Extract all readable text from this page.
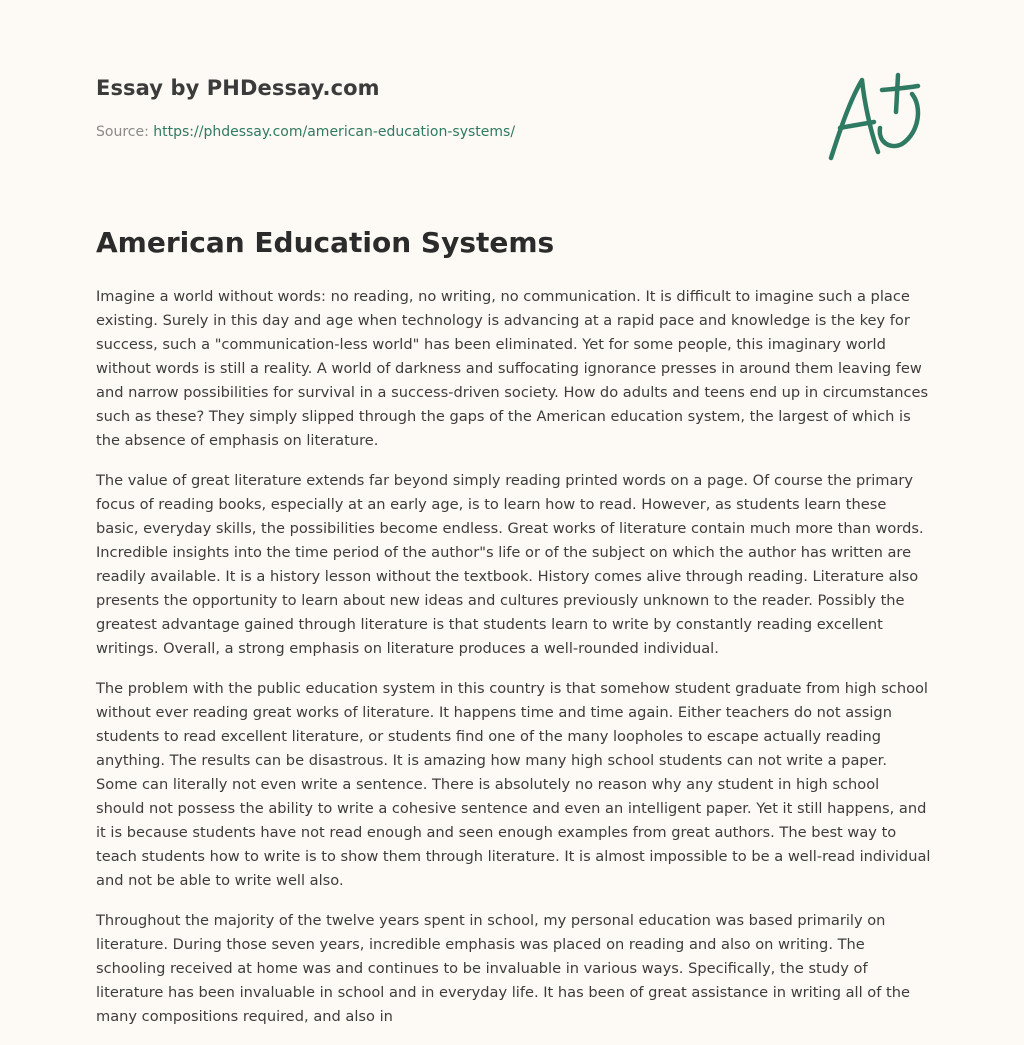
Essay by PHDessay.com

Source: https://phdessay.com/american-education-systems/

American Education Systems

Imagine a world without words: no reading, no writing, no communication. It is difficult to imagine such a place existing. Surely in this day and age when technology is advancing at a rapid pace and knowledge is the key for success, such a "communication-less world" has been eliminated. Yet for some people, this imaginary world without words is still a reality. A world of darkness and suffocating ignorance presses in around them leaving few and narrow possibilities for survival in a success-driven society. How do adults and teens end up in circumstances such as these? They simply slipped through the gaps of the American education system, the largest of which is the absence of emphasis on literature.

The value of great literature extends far beyond simply reading printed words on a page. Of course the primary focus of reading books, especially at an early age, is to learn how to read. However, as students learn these basic, everyday skills, the possibilities become endless. Great works of literature contain much more than words. Incredible insights into the time period of the author"s life or of the subject on which the author has written are readily available. It is a history lesson without the textbook. History comes alive through reading. Literature also presents the opportunity to learn about new ideas and cultures previously unknown to the reader. Possibly the greatest advantage gained through literature is that students learn to write by constantly reading excellent writings. Overall, a strong emphasis on literature produces a well-rounded individual.

The problem with the public education system in this country is that somehow student graduate from high school without ever reading great works of literature. It happens time and time again. Either teachers do not assign students to read excellent literature, or students find one of the many loopholes to escape actually reading anything. The results can be disastrous. It is amazing how many high school students can not write a paper. Some can literally not even write a sentence. There is absolutely no reason why any student in high school should not possess the ability to write a cohesive sentence and even an intelligent paper. Yet it still happens, and it is because students have not read enough and seen enough examples from great authors. The best way to teach students how to write is to show them through literature. It is almost impossible to be a well-read individual and not be able to write well also.

Throughout the majority of the twelve years spent in school, my personal education was based primarily on literature. During those seven years, incredible emphasis was placed on reading and also on writing. The schooling received at home was and continues to be invaluable in various ways. Specifically, the study of literature has been invaluable in school and in everyday life. It has been of great assistance in writing all of the many compositions required, and also in
